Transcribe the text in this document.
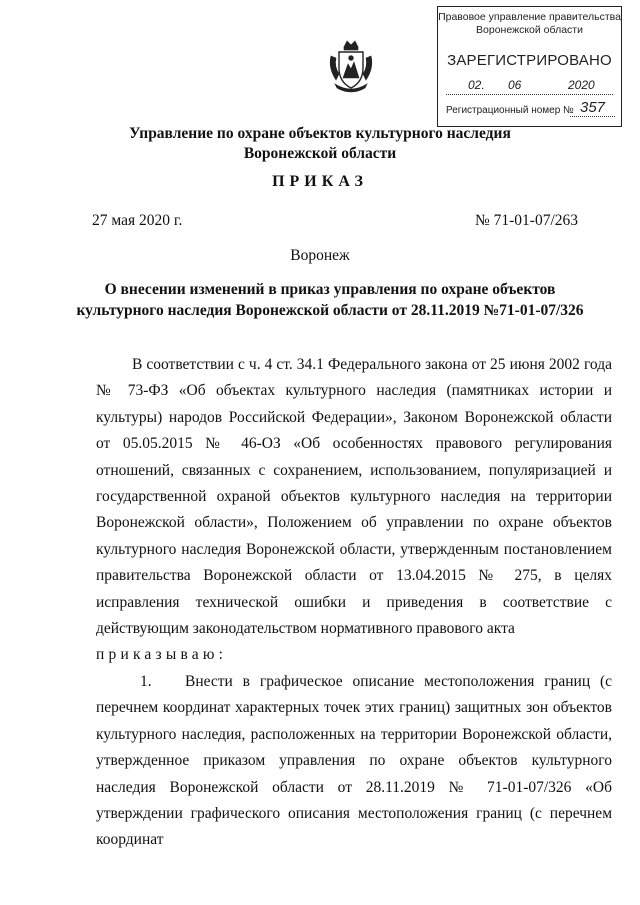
Правовое управление правительства
Воронежской области
ЗАРЕГИСТРИРОВАНО
02. 06	2020
Регистрационный номер № 357
Управление по охране объектов культурного наследия
Воронежской области
ПРИКАЗ
27 мая 2020 г.	№ 71-01-07/263
Воронеж
О внесении изменений в приказ управления по охране объектов
культурного наследия Воронежской области от 28.11.2019 №71-01-07/326

В соответствии с ч. 4 ст. 34.1 Федерального закона от 25 июня 2002 года № 73-ФЗ «Об объектах культурного наследия (памятниках истории и культуры) народов Российской Федерации», Законом Воронежской области от 05.05.2015 № 46-ОЗ «Об особенностях правового регулирования отношений, связанных с сохранением, использованием, популяризацией и государственной охраной объектов культурного наследия на территории Воронежской области», Положением об управлении по охране объектов культурного наследия Воронежской области, утвержденным постановлением правительства Воронежской области от 13.04.2015 № 275, в целях исправления технической ошибки и приведения в соответствие с действующим законодательством нормативного правового акта

приказываю:

1. Внести в графическое описание местоположения границ (с перечнем координат характерных точек этих границ) защитных зон объектов культурного наследия, расположенных на территории Воронежской области, утвержденное приказом управления по охране объектов культурного наследия Воронежской области от 28.11.2019 № 71-01-07/326 «Об утверждении графического описания местоположения границ (с перечнем координат
